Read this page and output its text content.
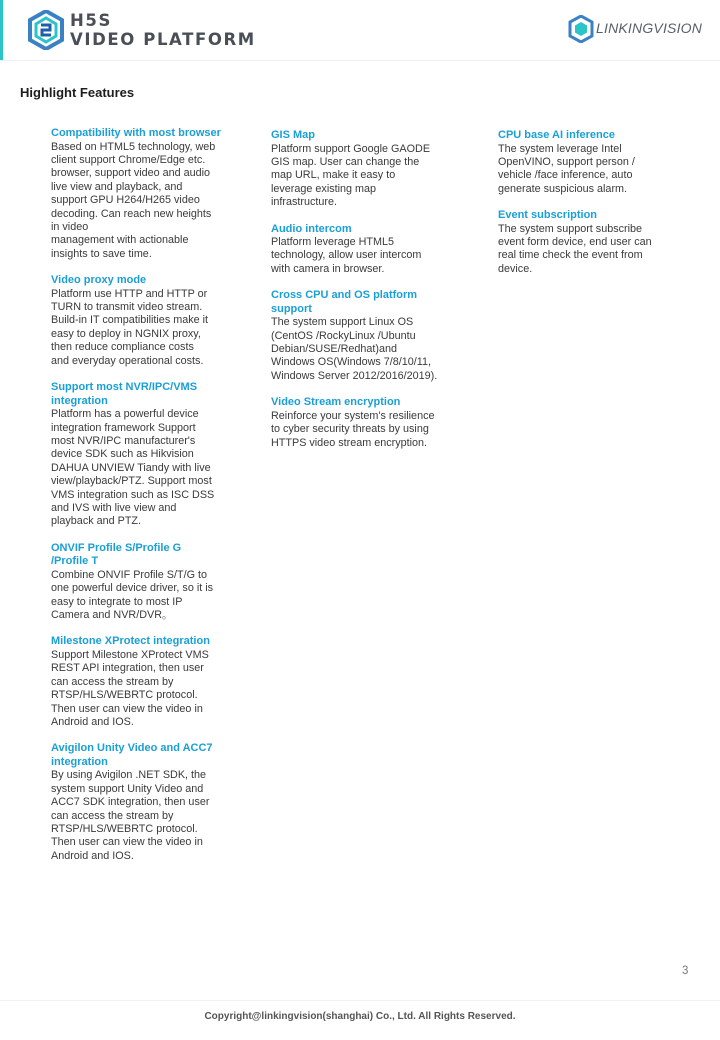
H5S
VIDEO PLATFORM
LINKINGVISION
Highlight Features
Compatibility with most browser
Based on HTML5 technology, web
client support Chrome/Edge etc.
browser, support video and audio
live view and playback, and
support GPU H264/H265 video
decoding. Can reach new heights
in video
management with actionable
insights to save time.
Video proxy mode
Platform use HTTP and HTTP or
TURN to transmit video stream.
Build-in IT compatibilities make it
easy to deploy in NGNIX proxy,
then reduce compliance costs
and everyday operational costs.
Support most NVR/IPC/VMS
integration
Platform has a powerful device
integration framework Support
most NVR/IPC manufacturer's
device SDK such as Hikvision
DAHUA UNVIEW Tiandy with live
view/playback/PTZ. Support most
VMS integration such as ISC DSS
and IVS with live view and
playback and PTZ.
ONVIF Profile S/Profile G
/Profile T
Combine ONVIF Profile S/T/G to
one powerful device driver, so it is
easy to integrate to most IP
Camera and NVR/DVR。
Milestone XProtect integration
Support Milestone XProtect VMS
REST API integration, then user
can access the stream by
RTSP/HLS/WEBRTC protocol.
Then user can view the video in
Android and IOS.
Avigilon Unity Video and ACC7
integration
By using Avigilon .NET SDK, the
system support Unity Video and
ACC7 SDK integration, then user
can access the stream by
RTSP/HLS/WEBRTC protocol.
Then user can view the video in
Android and IOS.
GIS Map
Platform support Google GAODE
GIS map. User can change the
map URL, make it easy to
leverage existing map
infrastructure.
Audio intercom
Platform leverage HTML5
technology, allow user intercom
with camera in browser.
Cross CPU and OS platform
support
The system support Linux OS
(CentOS /RockyLinux /Ubuntu
Debian/SUSE/Redhat)and
Windows OS(Windows 7/8/10/11,
Windows Server 2012/2016/2019).
Video Stream encryption
Reinforce your system's resilience
to cyber security threats by using
HTTPS video stream encryption.
CPU base AI inference
The system leverage Intel
OpenVINO, support person /
vehicle /face inference, auto
generate suspicious alarm.
Event subscription
The system support subscribe
event form device, end user can
real time check the event from
device.
3
Copyright@linkingvision(shanghai) Co., Ltd. All Rights Reserved.
